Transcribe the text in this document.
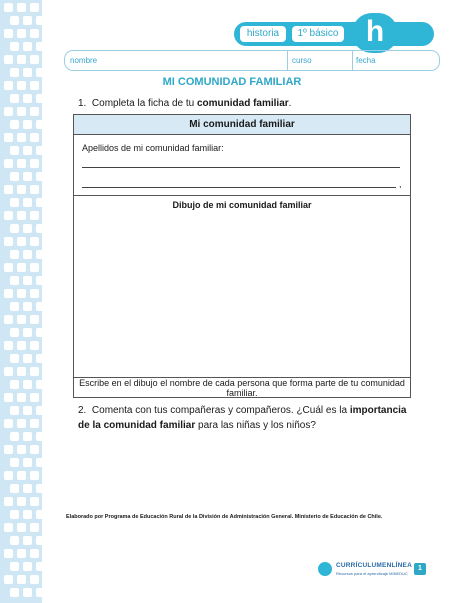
historia	1º básico h
nombre	curso	fecha
MI COMUNIDAD FAMILIAR
1. Completa la ficha de tu comunidad familiar.
Mi comunidad familiar
Apellidos de mi comunidad familiar:
,
Dibujo de mi comunidad familiar
Escribe en el dibujo el nombre de cada persona que forma parte de tu comunidad familiar.
2. Comenta con tus compañeras y compañeros. ¿Cuál es la importancia de la comunidad familiar para las niñas y los niños?
Elaborado por Programa de Educación Rural de la División de Administración General. Ministerio de Educación de Chile.
CURRÍCULUMENLÍNEA
Recursos para el aprendizaje MINEDUC
1
